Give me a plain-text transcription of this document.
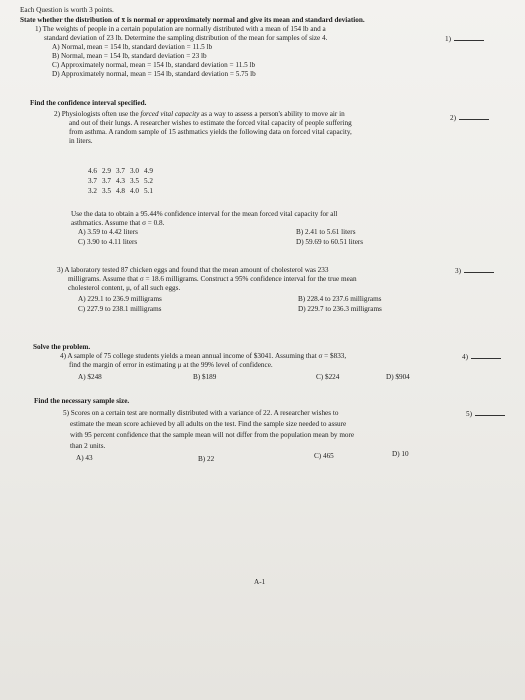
Each Question is worth 3 points.
State whether the distribution of x̄ is normal or approximately normal and give its mean and standard deviation.
1) The weights of people in a certain population are normally distributed with a mean of 154 lb and a
1)
standard deviation of 23 lb. Determine the sampling distribution of the mean for samples of size 4.
A) Normal, mean = 154 lb, standard deviation = 11.5 lb
B) Normal, mean = 154 lb, standard deviation = 23 lb
C) Approximately normal, mean = 154 lb, standard deviation = 11.5 lb
D) Approximately normal, mean = 154 lb, standard deviation = 5.75 lb
Find the confidence interval specified.
2) Physiologists often use the forced vital capacity as a way to assess a person's ability to move air in	2)
and out of their lungs. A researcher wishes to estimate the forced vital capacity of people suffering
from asthma. A random sample of 15 asthmatics yields the following data on forced vital capacity,
in liters.
4.6 2.9 3.7 3.0 4.9
3.7 3.7 4.3 3.5 5.2
3.2 3.5 4.8 4.0 5.1
Use the data to obtain a 95.44% confidence interval for the mean forced vital capacity for all
asthmatics. Assume that σ = 0.8.
A) 3.59 to 4.42 liters	B) 2.41 to 5.61 liters
C) 3.90 to 4.11 liters	D) 59.69 to 60.51 liters
3) A laboratory tested 87 chicken eggs and found that the mean amount of cholesterol was 233	3)
milligrams. Assume that σ = 18.6 milligrams. Construct a 95% confidence interval for the true mean
cholesterol content, μ, of all such eggs.
A) 229.1 to 236.9 milligrams	B) 228.4 to 237.6 milligrams
C) 227.9 to 238.1 milligrams	D) 229.7 to 236.3 milligrams
Solve the problem.
4) A sample of 75 college students yields a mean annual income of $3041. Assuming that σ = $833,	4)
find the margin of error in estimating μ at the 99% level of confidence.
A) $248	B) $189	C) $224	D) $904
Find the necessary sample size.
5) Scores on a certain test are normally distributed with a variance of 22. A researcher wishes to	5)
estimate the mean score achieved by all adults on the test. Find the sample size needed to assure
with 95 percent confidence that the sample mean will not differ from the population mean by more
than 2 units.
A) 43	B) 22	C) 465	D) 10
A-1
